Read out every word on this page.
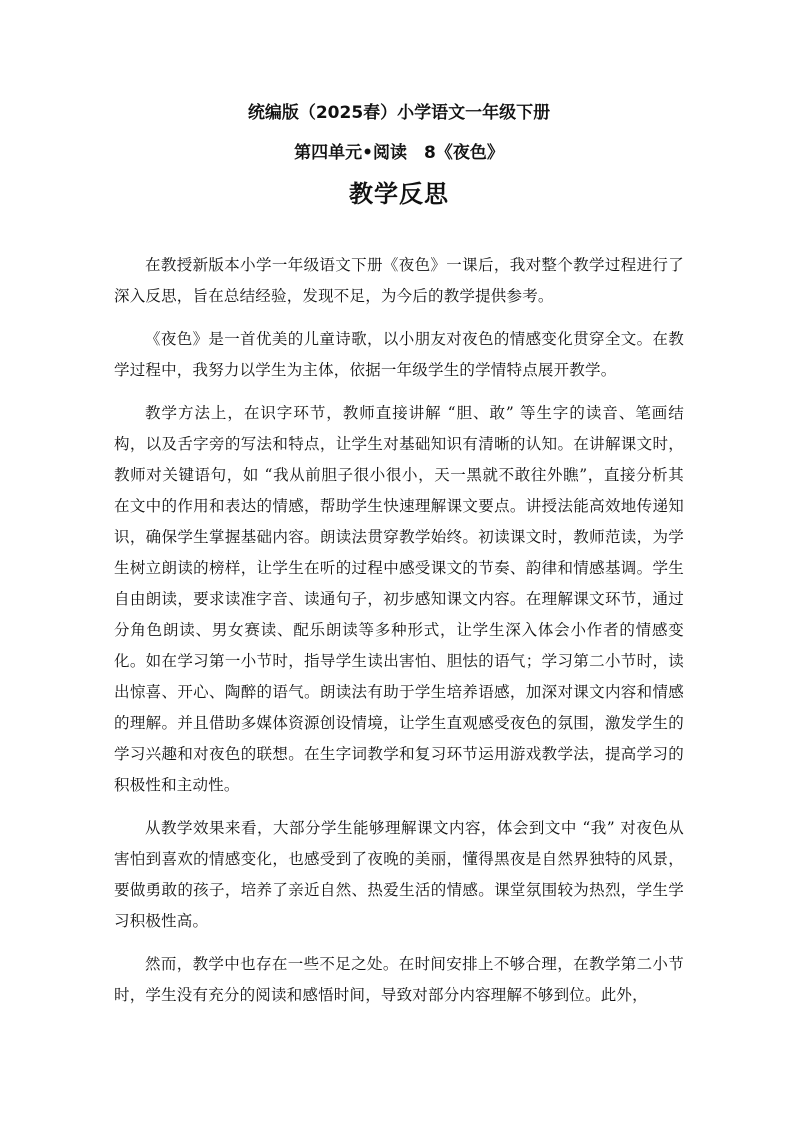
统编版（2025春）小学语文一年级下册
第四单元•阅读　8《夜色》
教学反思

在教授新版本小学一年级语文下册《夜色》一课后，我对整个教学过程进行了深入反思，旨在总结经验，发现不足，为今后的教学提供参考。

《夜色》是一首优美的儿童诗歌，以小朋友对夜色的情感变化贯穿全文。在教学过程中，我努力以学生为主体，依据一年级学生的学情特点展开教学。

教学方法上，在识字环节，教师直接讲解 “胆、敢” 等生字的读音、笔画结构，以及舌字旁的写法和特点，让学生对基础知识有清晰的认知。在讲解课文时，教师对关键语句，如 “我从前胆子很小很小，天一黑就不敢往外瞧”，直接分析其在文中的作用和表达的情感，帮助学生快速理解课文要点。讲授法能高效地传递知识，确保学生掌握基础内容。朗读法贯穿教学始终。初读课文时，教师范读，为学生树立朗读的榜样，让学生在听的过程中感受课文的节奏、韵律和情感基调。学生自由朗读，要求读准字音、读通句子，初步感知课文内容。在理解课文环节，通过分角色朗读、男女赛读、配乐朗读等多种形式，让学生深入体会小作者的情感变化。如在学习第一小节时，指导学生读出害怕、胆怯的语气；学习第二小节时，读出惊喜、开心、陶醉的语气。朗读法有助于学生培养语感，加深对课文内容和情感的理解。并且借助多媒体资源创设情境，让学生直观感受夜色的氛围，激发学生的学习兴趣和对夜色的联想。在生字词教学和复习环节运用游戏教学法，提高学习的积极性和主动性。

从教学效果来看，大部分学生能够理解课文内容，体会到文中 “我” 对夜色从害怕到喜欢的情感变化，也感受到了夜晚的美丽，懂得黑夜是自然界独特的风景，要做勇敢的孩子，培养了亲近自然、热爱生活的情感。课堂氛围较为热烈，学生学习积极性高。

然而，教学中也存在一些不足之处。在时间安排上不够合理，在教学第二小节时，学生没有充分的阅读和感悟时间，导致对部分内容理解不够到位。此外，
